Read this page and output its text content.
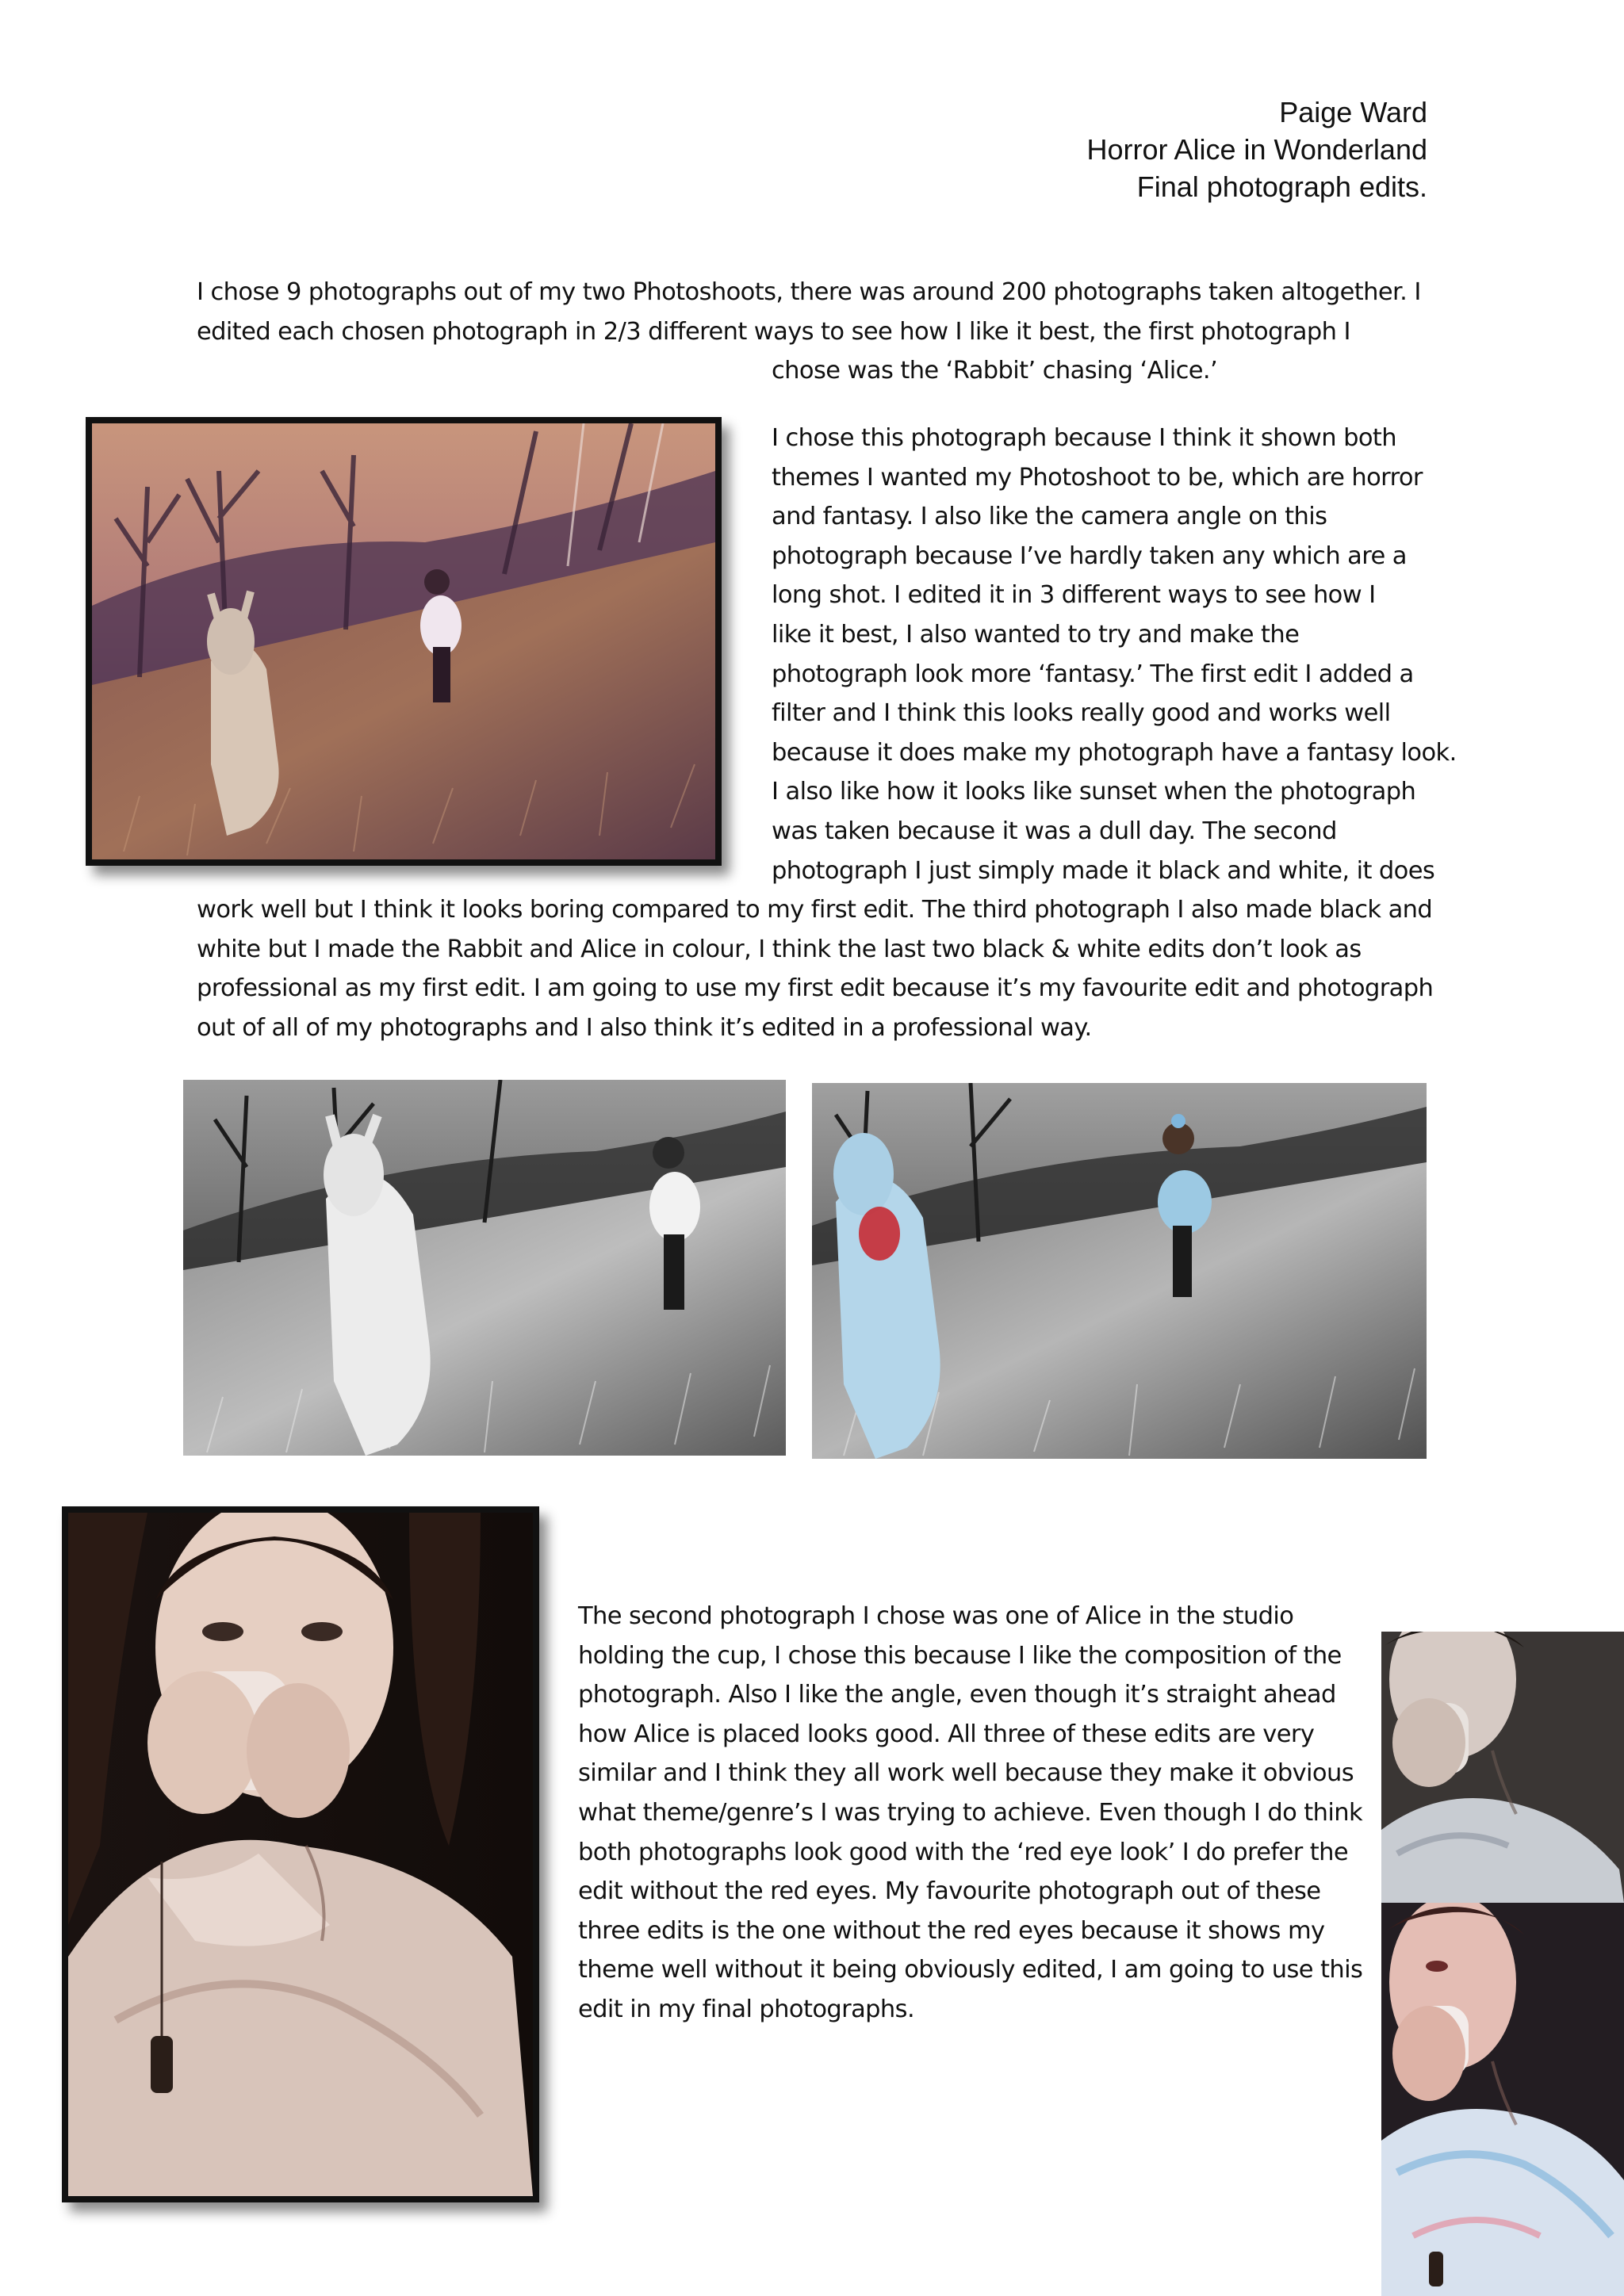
Paige Ward
Horror Alice in Wonderland
Final photograph edits.
I chose 9 photographs out of my two Photoshoots, there was around 200 photographs taken altogether. I
edited each chosen photograph in 2/3 different ways to see how I like it best, the first photograph I
chose was the ‘Rabbit’ chasing ‘Alice.’
I chose this photograph because I think it shown both
themes I wanted my Photoshoot to be, which are horror
and fantasy. I also like the camera angle on this
photograph because I’ve hardly taken any which are a
long shot. I edited it in 3 different ways to see how I
like it best, I also wanted to try and make the
photograph look more ‘fantasy.’ The first edit I added a
filter and I think this looks really good and works well
because it does make my photograph have a fantasy look.
I also like how it looks like sunset when the photograph
was taken because it was a dull day. The second
photograph I just simply made it black and white, it does
work well but I think it looks boring compared to my first edit. The third photograph I also made black and
white but I made the Rabbit and Alice in colour, I think the last two black & white edits don’t look as
professional as my first edit. I am going to use my first edit because it’s my favourite edit and photograph
out of all of my photographs and I also think it’s edited in a professional way.
The second photograph I chose was one of Alice in the studio
holding the cup, I chose this because I like the composition of the
photograph. Also I like the angle, even though it’s straight ahead
how Alice is placed looks good. All three of these edits are very
similar and I think they all work well because they make it obvious
what theme/genre’s I was trying to achieve. Even though I do think
both photographs look good with the ‘red eye look’ I do prefer the
edit without the red eyes. My favourite photograph out of these
three edits is the one without the red eyes because it shows my
theme well without it being obviously edited, I am going to use this
edit in my final photographs.
